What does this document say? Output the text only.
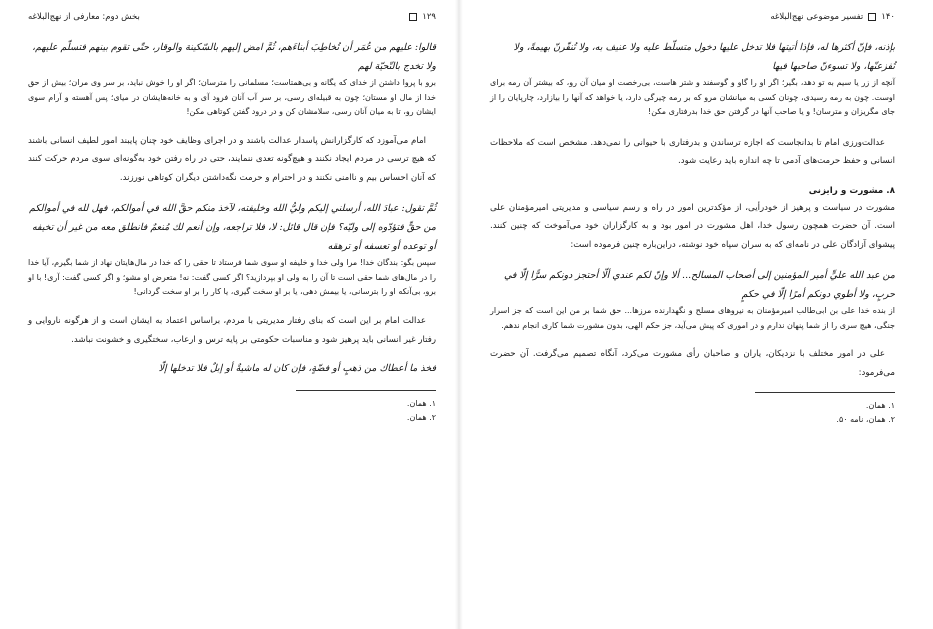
۱۲۹
بخش دوم: معارفی از نهج‌البلاغه

قالوا: عليهم من عُمَر أن تُخاطِبَ أبناءَهم، ثُمَّ امض إليهم بالسّكينة والوقار، حتّى تقوم بينهم فتسلّم عليهم، ولا تخدج بالتّحيّة لهم

برو با پروا داشتن از خدای که یگانه و بی‌همتاست؛ مسلمانی را مترسان؛ اگر او را خوش نباید، بر سر وی مران؛ بیش از حق خدا از مال او مستان؛ چون به قبیله‌ای رسی، بر سر آب آنان فرود آی و به خانه‌هایشان در میای؛ پس آهسته و آرام سوی ایشان رو، تا به میان آنان رسی، سلامشان کن و در درود گفتن کوتاهی مکن!

امام می‌آموزد که کارگزارانش پاسدار عدالت باشند و در اجرای وظایف خود چنان پایبند امور لطیف انسانی باشند که هیچ ترسی در مردم ایجاد نکنند و هیچ‌گونه تعدی ننمایند، حتی در راه رفتن خود به‌گونه‌ای سوی مردم حرکت کنند که آنان احساس بیم و ناامنی نکنند و در احترام و حرمت نگه‌داشتن دیگران کوتاهی نورزند.

ثُمَّ تقول: عبادَ الله، أرسلني إليكم وليُّ الله وخليفته، لآخذ منكم حقَّ الله في أموالكم، فهل لله في أموالكم من حقٍّ فتؤدّوه إلى وليّه؟ فإن قال قائل: لا، فلا تراجعه، وإن أنعم لك مُنعمٌ فانطلق معه من غير أن تخيفه أو توعده أو تعسفه أو ترهقه

سپس بگو: بندگان خدا! مرا ولی خدا و خلیفه او سوی شما فرستاد تا حقی را که خدا در مال‌هایتان نهاد از شما بگیرم، آیا خدا را در مال‌های شما حقی است تا آن را به ولی او بپردازید؟ اگر کسی گفت: نه! متعرض او مشو؛ و اگر کسی گفت: آری! با او برو، بی‌آنکه او را بترسانی، یا بیمش دهی، یا بر او سخت گیری، یا کار را بر او سخت گردانی!

عدالت امام بر این است که بنای رفتار مدیریتی با مردم، براساس اعتماد به ایشان است و از هرگونه ناروایی و رفتار غیر انسانی باید پرهیز شود و مناسبات حکومتی بر پایه ترس و ارعاب، سختگیری و خشونت نباشد.

فخذ ما أعطاك من ذهبٍ أو فضّةٍ، فإن كان له ماشيةٌ أو إبلٌ فلا تدخلها إلّا

۱. همان.
۲. همان.
۱۴۰
تفسیر موضوعی نهج‌البلاغه

بإذنه، فإنّ أكثرها له، فإذا أتيتها فلا تدخل عليها دخول متسلّط عليه ولا عنيف به، ولا تُنفّرنّ بهيمةً، ولا تُفزعنّها، ولا تسوءنّ صاحبها فيها

آنچه از زر یا سیم به تو دهد، بگیر؛ اگر او را گاو و گوسفند و شتر هاست، بی‌رخصت او میان آن رو، که بیشتر آن رمه برای اوست. چون به رمه رسیدی، چونان کسی به میانشان مرو که بر رمه چیرگی دارد، یا خواهد که آنها را بیازارد، چارپایان را از جای مگریزان و مترسان! و یا صاحب آنها در گرفتن حق خدا بدرفتاری مکن!

عدالت‌ورزی امام تا بدانجاست که اجازه ترساندن و بدرفتاری با حیوانی را نمی‌دهد. مشخص است که ملاحظات انسانی و حفظ حرمت‌های آدمی تا چه اندازه باید رعایت شود.

۸. مشورت و رایزنی

مشورت در سیاست و پرهیز از خودرأیی، از مؤکدترین امور در راه و رسم سیاسی و مدیریتی امیرمؤمنان علی است. آن حضرت همچون رسول خدا، اهل مشورت در امور بود و به کارگزاران خود می‌آموخت که چنین کنند. پیشوای آزادگان علی در نامه‌ای که به سران سپاه خود نوشته، دراین‌باره چنین فرموده است:

من عبد الله عليٍّ أمير المؤمنين إلى أصحاب المسالح... ألا وإنّ لكم عندي ألّا أحتجز دونكم سرًّا إلّا في حربٍ، ولا أطوي دونكم أمرًا إلّا في حكمٍ

از بنده خدا علی بن ابی‌طالب امیرمؤمنان به نیروهای مسلح و نگهدارنده مرزها... حق شما بر من این است که جز اسرار جنگی، هیچ سری را از شما پنهان ندارم و در اموری که پیش می‌آید، جز حکم الهی، بدون مشورت شما کاری انجام ندهم.

علی در امور مختلف با نزدیکان، یاران و صاحبان رأی مشورت می‌کرد، آنگاه تصمیم می‌گرفت. آن حضرت می‌فرمود:

۱. همان.
۲. همان، نامه ۵۰.
